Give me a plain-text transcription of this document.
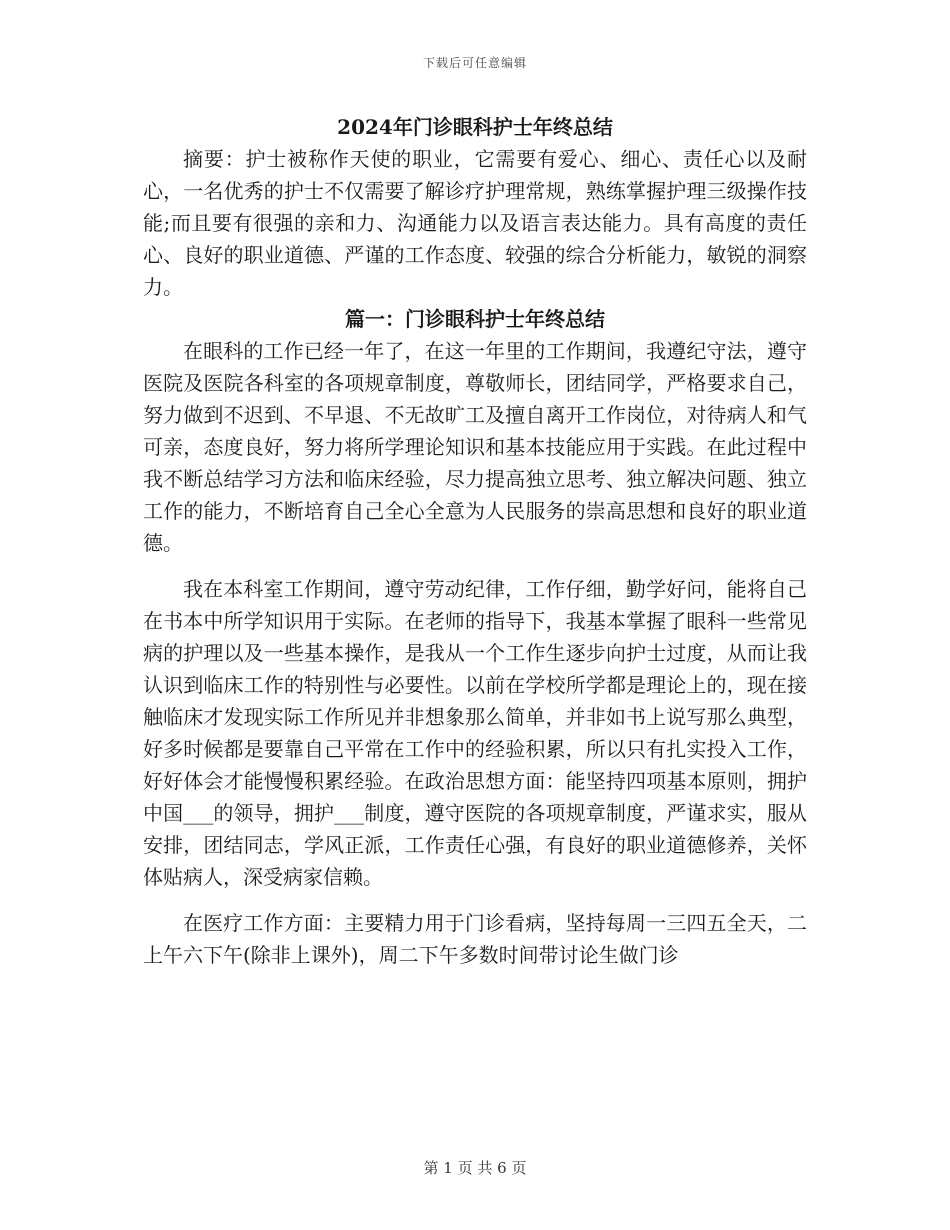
下载后可任意编辑

2024年门诊眼科护士年终总结

摘要：护士被称作天使的职业，它需要有爱心、细心、责任心以及耐心，一名优秀的护士不仅需要了解诊疗护理常规，熟练掌握护理三级操作技能;而且要有很强的亲和力、沟通能力以及语言表达能力。具有高度的责任心、良好的职业道德、严谨的工作态度、较强的综合分析能力，敏锐的洞察力。

篇一：门诊眼科护士年终总结

在眼科的工作已经一年了，在这一年里的工作期间，我遵纪守法，遵守医院及医院各科室的各项规章制度，尊敬师长，团结同学，严格要求自己，努力做到不迟到、不早退、不无故旷工及擅自离开工作岗位，对待病人和气可亲，态度良好，努力将所学理论知识和基本技能应用于实践。在此过程中我不断总结学习方法和临床经验，尽力提高独立思考、独立解决问题、独立工作的能力，不断培育自己全心全意为人民服务的崇高思想和良好的职业道德。

我在本科室工作期间，遵守劳动纪律，工作仔细，勤学好问，能将自己在书本中所学知识用于实际。在老师的指导下，我基本掌握了眼科一些常见病的护理以及一些基本操作，是我从一个工作生逐步向护士过度，从而让我认识到临床工作的特别性与必要性。以前在学校所学都是理论上的，现在接触临床才发现实际工作所见并非想象那么简单，并非如书上说写那么典型，好多时候都是要靠自己平常在工作中的经验积累，所以只有扎实投入工作，好好体会才能慢慢积累经验。在政治思想方面：能坚持四项基本原则，拥护中国___的领导，拥护___制度，遵守医院的各项规章制度，严谨求实，服从安排，团结同志，学风正派，工作责任心强，有良好的职业道德修养，关怀体贴病人，深受病家信赖。

在医疗工作方面：主要精力用于门诊看病，坚持每周一三四五全天，二上午六下午(除非上课外)，周二下午多数时间带讨论生做门诊

第 1 页 共 6 页
